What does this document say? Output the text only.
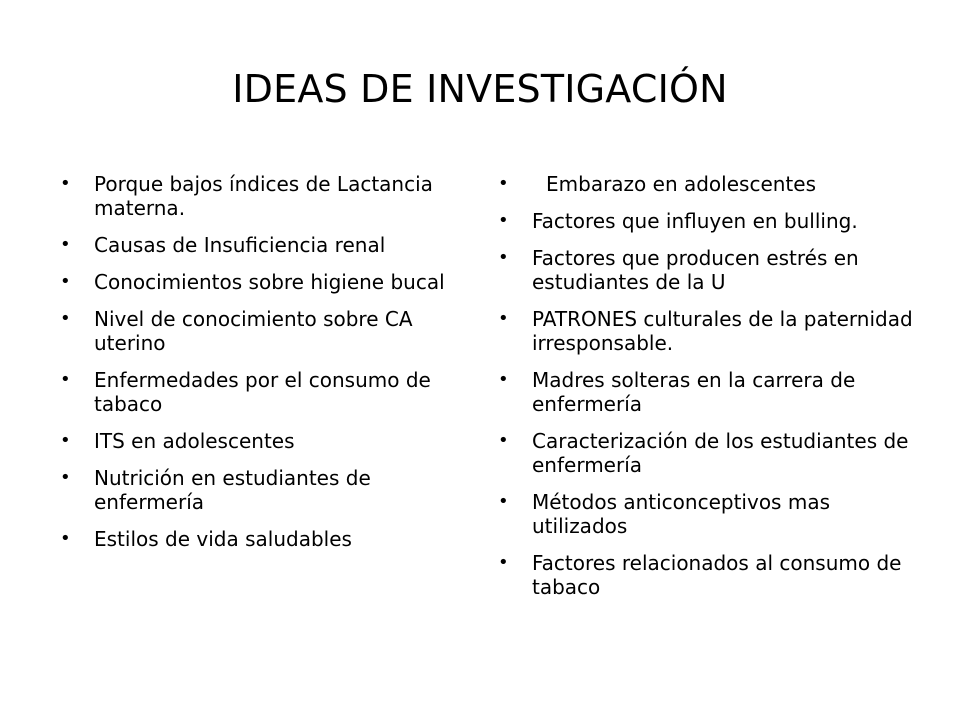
IDEAS DE INVESTIGACIÓN
• Porque bajos índices de Lactancia materna.
• Causas de Insuficiencia renal
• Conocimientos sobre higiene bucal
• Nivel de conocimiento sobre CA uterino
• Enfermedades por el consumo de tabaco
• ITS en adolescentes
• Nutrición en estudiantes de enfermería
• Estilos de vida saludables
• Embarazo en adolescentes
• Factores que influyen en bulling.
• Factores que producen estrés en estudiantes de la U
• PATRONES culturales de la paternidad irresponsable.
• Madres solteras en la carrera de enfermería
• Caracterización de los estudiantes de enfermería
• Métodos anticonceptivos mas utilizados
• Factores relacionados al consumo de tabaco
